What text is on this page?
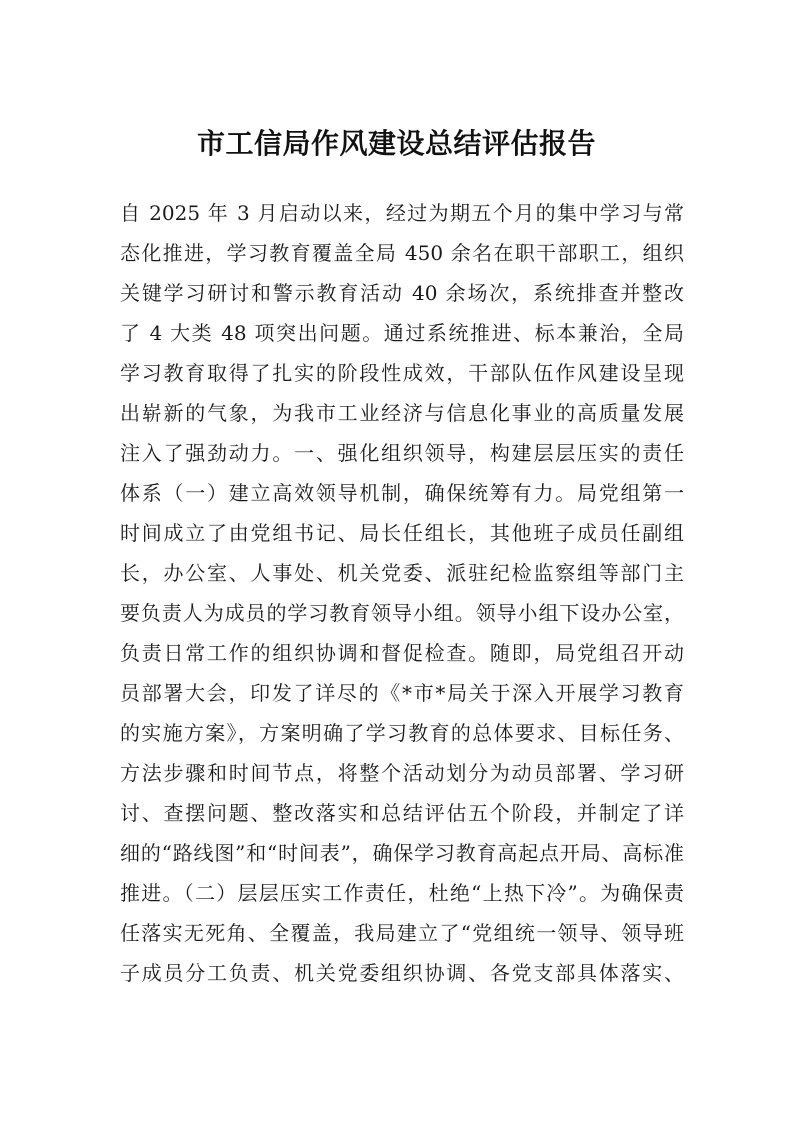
市工信局作风建设总结评估报告
自 2025 年 3 月启动以来，经过为期五个月的集中学习与常
态化推进，学习教育覆盖全局 450 余名在职干部职工，组织
关键学习研讨和警示教育活动 40 余场次，系统排查并整改
了 4 大类 48 项突出问题。通过系统推进、标本兼治，全局
学习教育取得了扎实的阶段性成效，干部队伍作风建设呈现
出崭新的气象，为我市工业经济与信息化事业的高质量发展
注入了强劲动力。一、强化组织领导，构建层层压实的责任
体系（一）建立高效领导机制，确保统筹有力。局党组第一
时间成立了由党组书记、局长任组长，其他班子成员任副组
长，办公室、人事处、机关党委、派驻纪检监察组等部门主
要负责人为成员的学习教育领导小组。领导小组下设办公室，
负责日常工作的组织协调和督促检查。随即，局党组召开动
员部署大会，印发了详尽的《*市*局关于深入开展学习教育
的实施方案》，方案明确了学习教育的总体要求、目标任务、
方法步骤和时间节点，将整个活动划分为动员部署、学习研
讨、查摆问题、整改落实和总结评估五个阶段，并制定了详
细的“路线图”和“时间表”，确保学习教育高起点开局、高标准
推进。（二）层层压实工作责任，杜绝“上热下冷”。为确保责
任落实无死角、全覆盖，我局建立了“党组统一领导、领导班
子成员分工负责、机关党委组织协调、各党支部具体落实、
